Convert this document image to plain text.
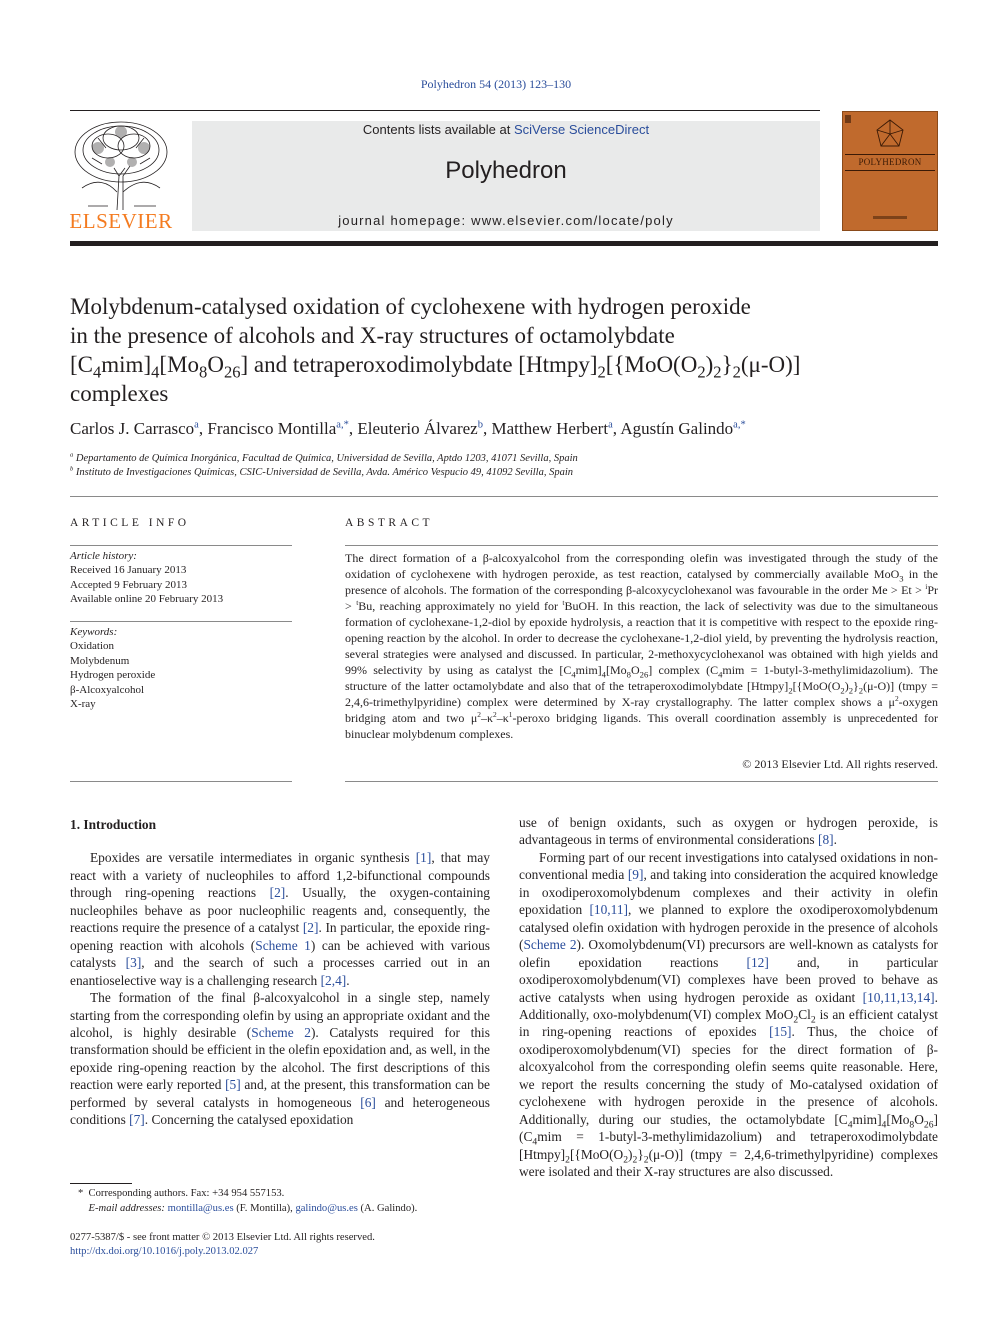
Polyhedron 54 (2013) 123–130
ELSEVIER
Contents lists available at SciVerse ScienceDirect
Polyhedron
journal homepage: www.elsevier.com/locate/poly
POLYHEDRON
Molybdenum-catalysed oxidation of cyclohexene with hydrogen peroxide
in the presence of alcohols and X-ray structures of octamolybdate
$[C_4mim]_4[Mo_8O_{26}]$ and tetraperoxodimolybdate $[Htmpy]_2[\{MoO(O_2)_2\}_2(\mu-O)]$
complexes
Carlos J. Carrasco$^a$, Francisco Montilla$^{a,*}$, Eleuterio Álvarez$^b$, Matthew Herbert$^a$, Agustín Galindo$^{a,*}$
$^a$ Departamento de Química Inorgánica, Facultad de Química, Universidad de Sevilla, Aptdo 1203, 41071 Sevilla, Spain
$^b$ Instituto de Investigaciones Químicas, CSIC-Universidad de Sevilla, Avda. Américo Vespucio 49, 41092 Sevilla, Spain
ARTICLE INFO	ABSTRACT
Article history:
Received 16 January 2013
Accepted 9 February 2013
Available online 20 February 2013
Keywords:
Oxidation
Molybdenum
Hydrogen peroxide
β-Alcoxyalcohol
X-ray

The direct formation of a β-alcoxyalcohol from the corresponding olefin was investigated through the study of the oxidation of cyclohexene with hydrogen peroxide, as test reaction, catalysed by commercially available MoO$_3$ in the presence of alcohols. The formation of the corresponding β-alcoxycyclohexanol was favourable in the order Me > Et > $^i$Pr > $^t$Bu, reaching approximately no yield for $^t$BuOH. In this reaction, the lack of selectivity was due to the simultaneous formation of cyclohexane-1,2-diol by epoxide hydrolysis, a reaction that it is competitive with respect to the epoxide ring-opening reaction by the alcohol. In order to decrease the cyclohexane-1,2-diol yield, by preventing the hydrolysis reaction, several strategies were analysed and discussed. In particular, 2-methoxycyclohexanol was obtained with high yields and 99% selectivity by using as catalyst the $[C_4mim]_4[Mo_8O_{26}]$ complex ($C_4mim$ = 1-butyl-3-methylimidazolium). The structure of the latter octamolybdate and also that of the tetraperoxodimolybdate $[Htmpy]_2[\{MoO(O_2)_2\}_2(\mu-O)]$ (tmpy = 2,4,6-trimethylpyridine) complex were determined by X-ray crystallography. The latter complex shows a $\mu^2$-oxygen bridging atom and two $\mu^2-\kappa^2-\kappa^1$-peroxo bridging ligands. This overall coordination assembly is unprecedented for binuclear molybdenum complexes.

© 2013 Elsevier Ltd. All rights reserved.
1. Introduction

Epoxides are versatile intermediates in organic synthesis [1], that may react with a variety of nucleophiles to afford 1,2-bifunctional compounds through ring-opening reactions [2]. Usually, the oxygen-containing nucleophiles behave as poor nucleophilic reagents and, consequently, the reactions require the presence of a catalyst [2]. In particular, the epoxide ring-opening reaction with alcohols (Scheme 1) can be achieved with various catalysts [3], and the search of such a processes carried out in an enantioselective way is a challenging research [2,4].

The formation of the final β-alcoxyalcohol in a single step, namely starting from the corresponding olefin by using an appropriate oxidant and the alcohol, is highly desirable (Scheme 2). Catalysts required for this transformation should be efficient in the olefin epoxidation and, as well, in the epoxide ring-opening reaction by the alcohol. The first descriptions of this reaction were early reported [5] and, at the present, this transformation can be performed by several catalysts in homogeneous [6] and heterogeneous conditions [7]. Concerning the catalysed epoxidation

use of benign oxidants, such as oxygen or hydrogen peroxide, is advantageous in terms of environmental considerations [8].

Forming part of our recent investigations into catalysed oxidations in non-conventional media [9], and taking into consideration the acquired knowledge in oxodiperoxomolybdenum complexes and their activity in olefin epoxidation [10,11], we planned to explore the oxodiperoxomolybdenum catalysed olefin oxidation with hydrogen peroxide in the presence of alcohols (Scheme 2). Oxomolybdenum(VI) precursors are well-known as catalysts for olefin epoxidation reactions [12] and, in particular oxodiperoxomolybdenum(VI) complexes have been proved to behave as active catalysts when using hydrogen peroxide as oxidant [10,11,13,14]. Additionally, oxo-molybdenum(VI) complex $MoO_2Cl_2$ is an efficient catalyst in ring-opening reactions of epoxides [15]. Thus, the choice of oxodiperoxomolybdenum(VI) species for the direct formation of β-alcoxyalcohol from the corresponding olefin seems quite reasonable. Here, we report the results concerning the study of Mo-catalysed oxidation of cyclohexene with hydrogen peroxide in the presence of alcohols. Additionally, during our studies, the octamolybdate $[C_4mim]_4[Mo_8O_{26}] (C_4mim$ = 1-butyl-3-methylimidazolium) and tetraperoxodimolybdate $[Htmpy]_2[\{MoO(O_2)_2\}_2(\mu-O)]$ (tmpy = 2,4,6-trimethylpyridine) complexes were isolated and their X-ray structures are also discussed.

*  Corresponding authors. Fax: +34 954 557153.
E-mail addresses: montilla@us.es (F. Montilla), galindo@us.es (A. Galindo).
0277-5387/$ - see front matter © 2013 Elsevier Ltd. All rights reserved.
http://dx.doi.org/10.1016/j.poly.2013.02.027
